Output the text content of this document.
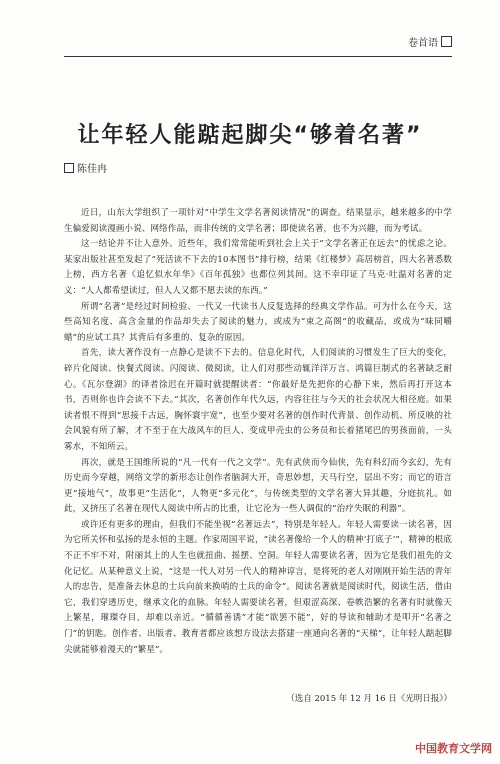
卷首语
让年轻人能踮起脚尖“够着名著”
陈佳冉

近日，山东大学组织了一项针对“中学生文学名著阅读情况”的调查。结果显示，越来越多的中学生偏爱阅读漫画小说、网络作品，而非传统的文学名著；即使读名著，也不为兴趣，而为考试。

这一结论并不让人意外。近些年，我们常常能听到社会上关于“文学名著正在远去”的忧虑之论。某家出版社甚至发起了“死活读不下去的10本图书”排行榜，结果《红楼梦》高居榜首，四大名著悉数上榜，西方名著《追忆似水年华》《百年孤独》也都位列其间。这不幸印证了马克·吐温对名著的定义：“人人都希望读过，但人人又都不愿去读的东西。”

所谓“名著”是经过时间检验、一代又一代读书人反复选择的经典文学作品。可为什么在今天，这些高知名度、高含金量的作品却失去了阅读的魅力，或成为“束之高阁”的收藏品，或成为“味同嚼蜡”的应试工具？其背后有多重的、复杂的原因。

首先，读大著作没有一点静心是读不下去的。信息化时代，人们阅读的习惯发生了巨大的变化，碎片化阅读、快餐式阅读、闪阅读、微阅读，让人们对那些动辄洋洋万言、鸿篇巨制式的名著缺乏耐心。《瓦尔登湖》的译者徐迟在开篇时就提醒读者：“你最好是先把你的心静下来，然后再打开这本书，否则你也许会读不下去。”其次，名著创作年代久远，内容往往与今天的社会状况大相径庭。如果读者恨不得到“思接千古远，胸怀寰宇宽”，也至少要对名著的创作时代背景、创作动机、所反映的社会风貌有所了解，才不至于在大战风车的巨人、变成甲壳虫的公务员和长着猪尾巴的男孩面前，一头雾水，不知所云。

再次，就是王国维所说的“凡一代有一代之文学”。先有武侠而今仙侠，先有科幻而今玄幻，先有历史而今穿越，网络文学的新形态让创作者脑洞大开，奇思妙想，天马行空，层出不穷；而它的语言更“接地气”，故事更“生活化”，人物更“多元化”，与传统类型的文学名著大异其趣，分庭抗礼。如此，又挤压了名著在现代人阅读中所占的比重，让它沦为一些人调侃的“治疗失眠的利器”。

或许还有更多的理由，但我们不能坐视“名著远去”，特别是年轻人。年轻人需要读一读名著，因为它所关怀和弘扬的是永恒的主题。作家周国平说，“读名著像给一个人的精神‘打底子’”，精神的根底不正不牢不对，附丽其上的人生也就扭曲、摇摆、空洞。年轻人需要读名著，因为它是我们祖先的文化记忆。从某种意义上说，“这是一代人对另一代人的精神谆言，是将死的老人对刚刚开始生活的青年人的忠告，是准备去休息的士兵向前来换哨的士兵的命令”。阅读名著就是阅读时代，阅读生活，借由它，我们穿透历史，继承文化的血脉。年轻人需要读名著，但艰涩高深、卷帙浩繁的名著有时就像天上繁星，璀璨夺目，却难以亲近。“循循善诱”才能“欲罢不能”，好的导读和辅助才是叩开“名著之门”的钥匙。创作者、出版者、教育者都应该想方设法去搭建一座通向名著的“天梯”，让年轻人踮起脚尖就能够着漫天的“繁星”。

（选自 2015 年 12 月 16 日《光明日报》）
中国教育文学网
